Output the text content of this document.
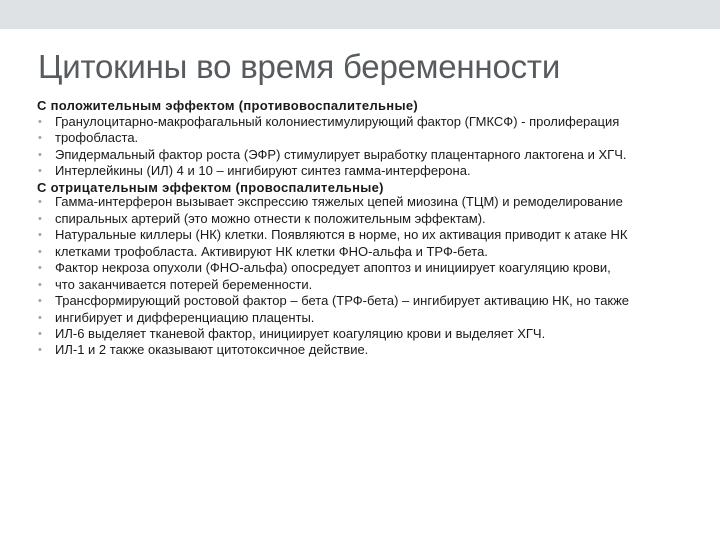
Цитокины во время беременности
С положительным эффектом (противовоспалительные)
• Гранулоцитарно-макрофагальный колониестимулирующий фактор (ГМКСФ) - пролиферация
• трофобласта.
• Эпидермальный фактор роста (ЭФР) стимулирует выработку плацентарного лактогена и ХГЧ.
• Интерлейкины (ИЛ) 4 и 10 – ингибируют синтез гамма-интерферона.
С отрицательным эффектом (провоспалительные)
• Гамма-интерферон вызывает экспрессию тяжелых цепей миозина (ТЦМ) и ремоделирование
• спиральных артерий (это можно отнести к положительным эффектам).
• Натуральные киллеры (НК) клетки. Появляются в норме, но их активация приводит к атаке НК
• клетками трофобласта. Активируют НК клетки ФНО-альфа и ТРФ-бета.
• Фактор некроза опухоли (ФНО-альфа) опосредует апоптоз и инициирует коагуляцию крови,
• что заканчивается потерей беременности.
• Трансформирующий ростовой фактор – бета (ТРФ-бета) – ингибирует активацию НК, но также
• ингибирует и дифференциацию плаценты.
• ИЛ-6 выделяет тканевой фактор, инициирует коагуляцию крови и выделяет ХГЧ.
• ИЛ-1 и 2 также оказывают цитотоксичное действие.
